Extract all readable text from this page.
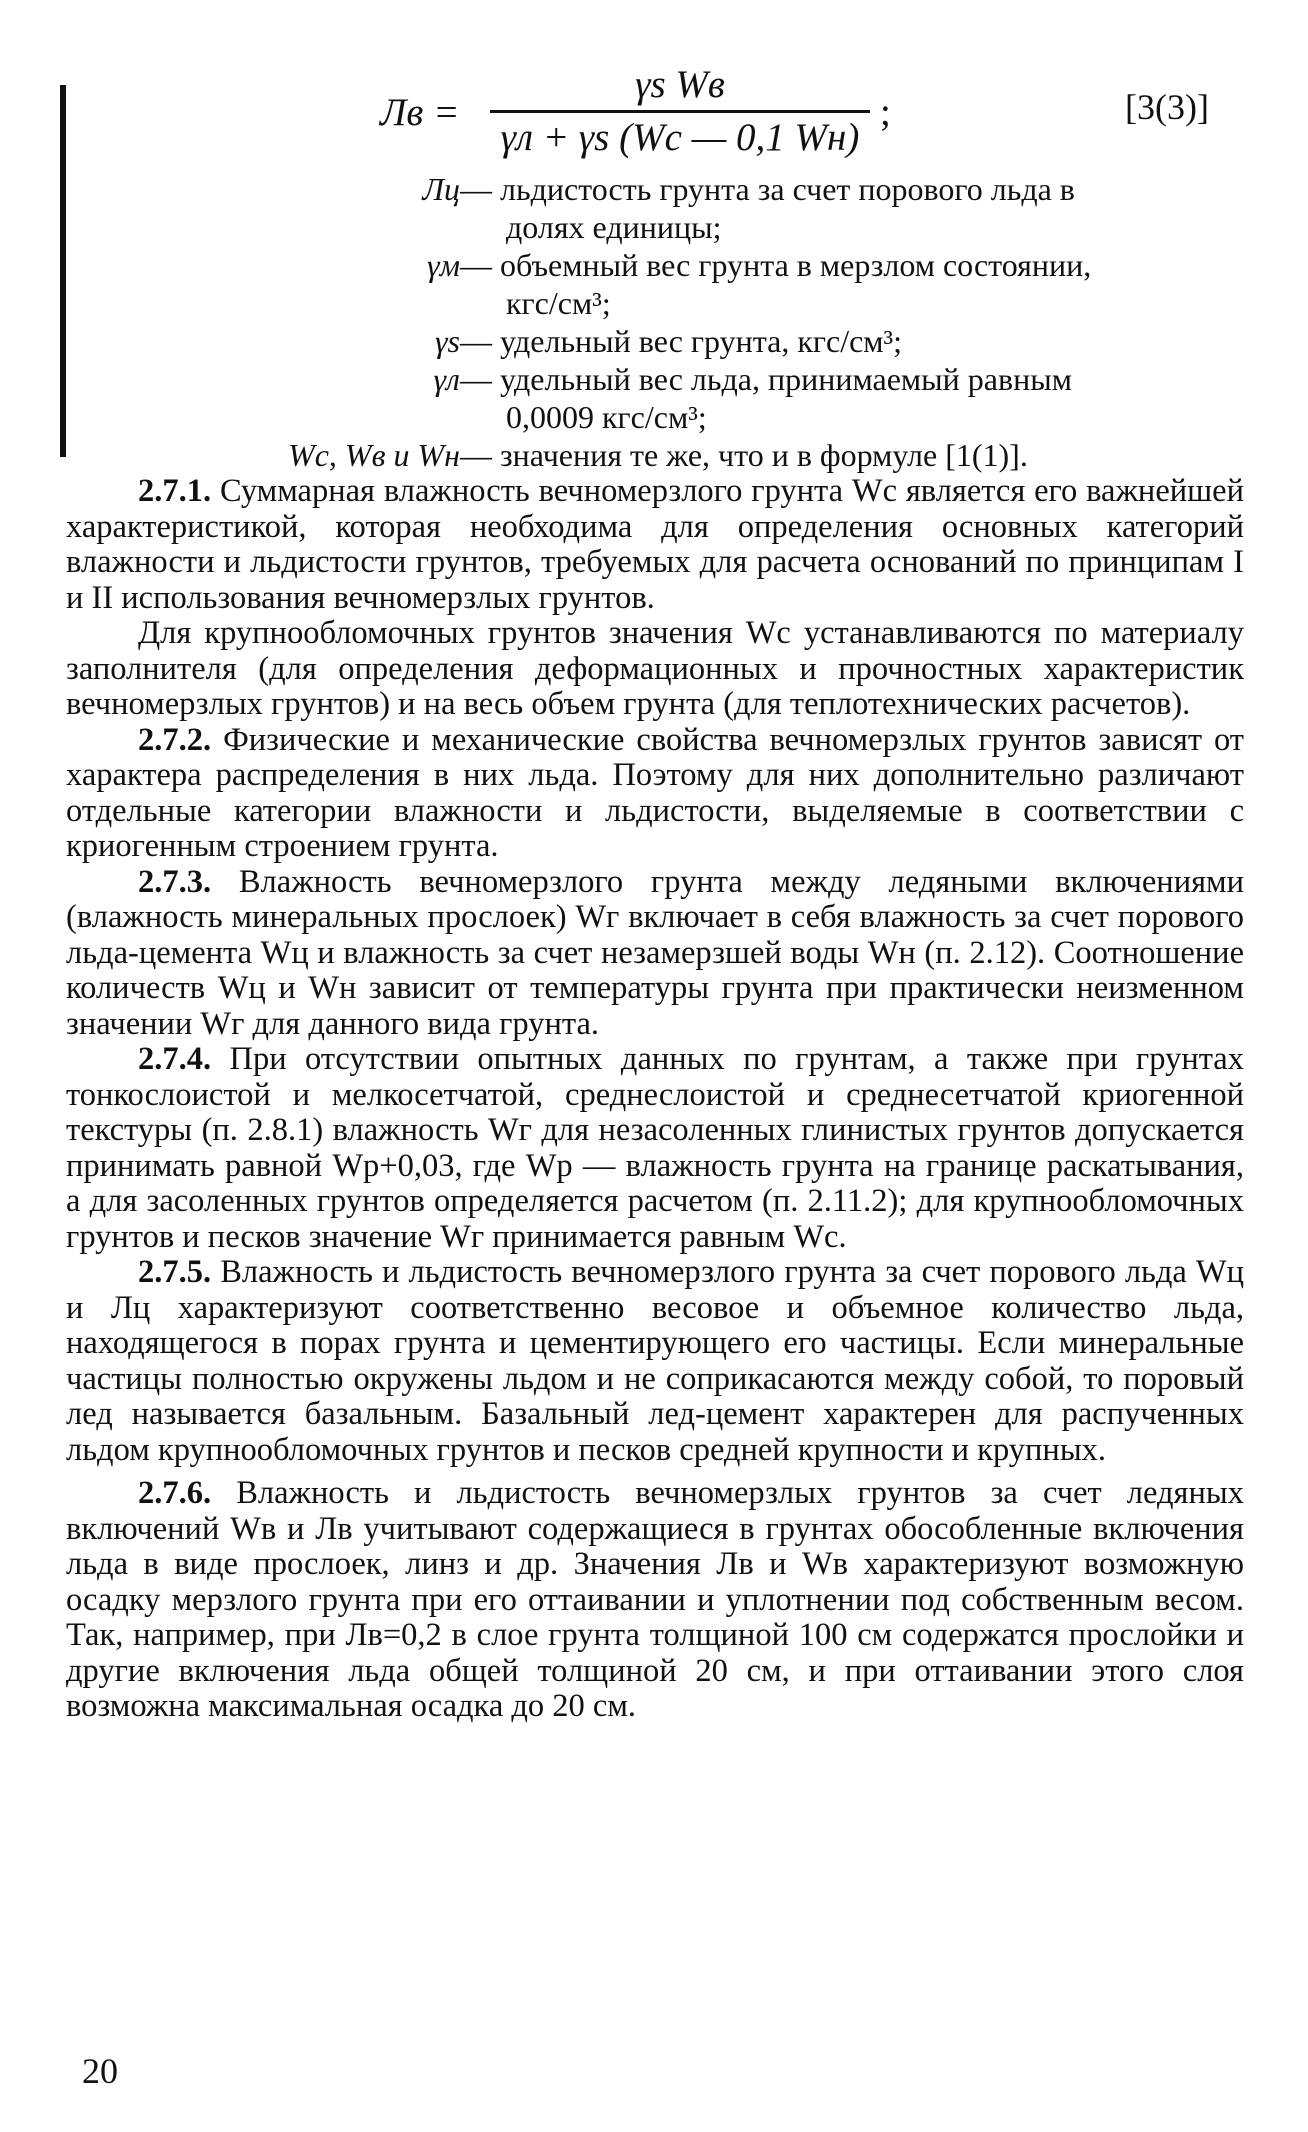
Лв =
γs Wв
γл + γs (Wc — 0,1 Wн)
;	[3(3)]
Лц — льдистость грунта за счет порового льда в
долях единицы;
γм — объемный вес грунта в мерзлом состоянии,
кгс/см³;
γs — удельный вес грунта, кгс/см³;
γл — удельный вес льда, принимаемый равным
0,0009 кгс/см³;
Wc, Wв и Wн — значения те же, что и в формуле [1(1)].

2.7.1. Суммарная влажность вечномерзлого грунта Wc является его важнейшей характеристикой, которая необходима для определения основных категорий влажности и льдистости грунтов, требуемых для расчета оснований по принципам I и II использования вечномерзлых грунтов.

Для крупнообломочных грунтов значения Wc устанавливаются по материалу заполнителя (для определения деформационных и прочностных характеристик вечномерзлых грунтов) и на весь объем грунта (для теплотехнических расчетов).

2.7.2. Физические и механические свойства вечномерзлых грунтов зависят от характера распределения в них льда. Поэтому для них дополнительно различают отдельные категории влажности и льдистости, выделяемые в соответствии с криогенным строением грунта.

2.7.3. Влажность вечномерзлого грунта между ледяными включениями (влажность минеральных прослоек) Wг включает в себя влажность за счет порового льда-цемента Wц и влажность за счет незамерзшей воды Wн (п. 2.12). Соотношение количеств Wц и Wн зависит от температуры грунта при практически неизменном значении Wг для данного вида грунта.

2.7.4. При отсутствии опытных данных по грунтам, а также при грунтах тонкослоистой и мелкосетчатой, среднеслоистой и среднесетчатой криогенной текстуры (п. 2.8.1) влажность Wг для незасоленных глинистых грунтов допускается принимать равной Wр+0,03, где Wр — влажность грунта на границе раскатывания, а для засоленных грунтов определяется расчетом (п. 2.11.2); для крупнообломочных грунтов и песков значение Wг принимается равным Wc.

2.7.5. Влажность и льдистость вечномерзлого грунта за счет порового льда Wц и Лц характеризуют соответственно весовое и объемное количество льда, находящегося в порах грунта и цементирующего его частицы. Если минеральные частицы полностью окружены льдом и не соприкасаются между собой, то поровый лед называется базальным. Базальный лед-цемент характерен для распученных льдом крупнообломочных грунтов и песков средней крупности и крупных.

2.7.6. Влажность и льдистость вечномерзлых грунтов за счет ледяных включений Wв и Лв учитывают содержащиеся в грунтах обособленные включения льда в виде прослоек, линз и др. Значения Лв и Wв характеризуют возможную осадку мерзлого грунта при его оттаивании и уплотнении под собственным весом. Так, например, при Лв=0,2 в слое грунта толщиной 100 см содержатся прослойки и другие включения льда общей толщиной 20 см, и при оттаивании этого слоя возможна максимальная осадка до 20 см.

20
